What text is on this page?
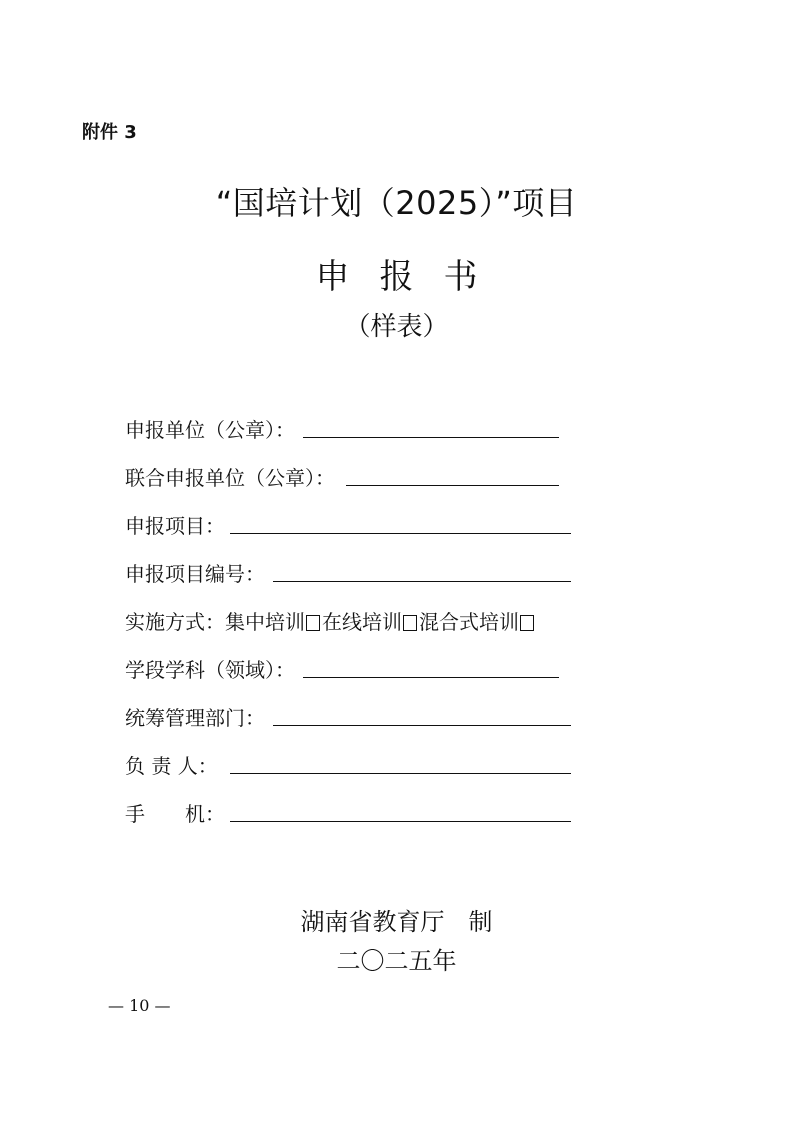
附件 3
“国培计划（2025）”项目
申报书
（样表）
申报单位（公章）：
联合申报单位（公章）：
申报项目：
申报项目编号：
实施方式：集中培训 在线培训 混合式培训
学段学科（领域）：
统筹管理部门：
负 责 人：
手　　机：
湖南省教育厅　制
二〇二五年
— 10 —
